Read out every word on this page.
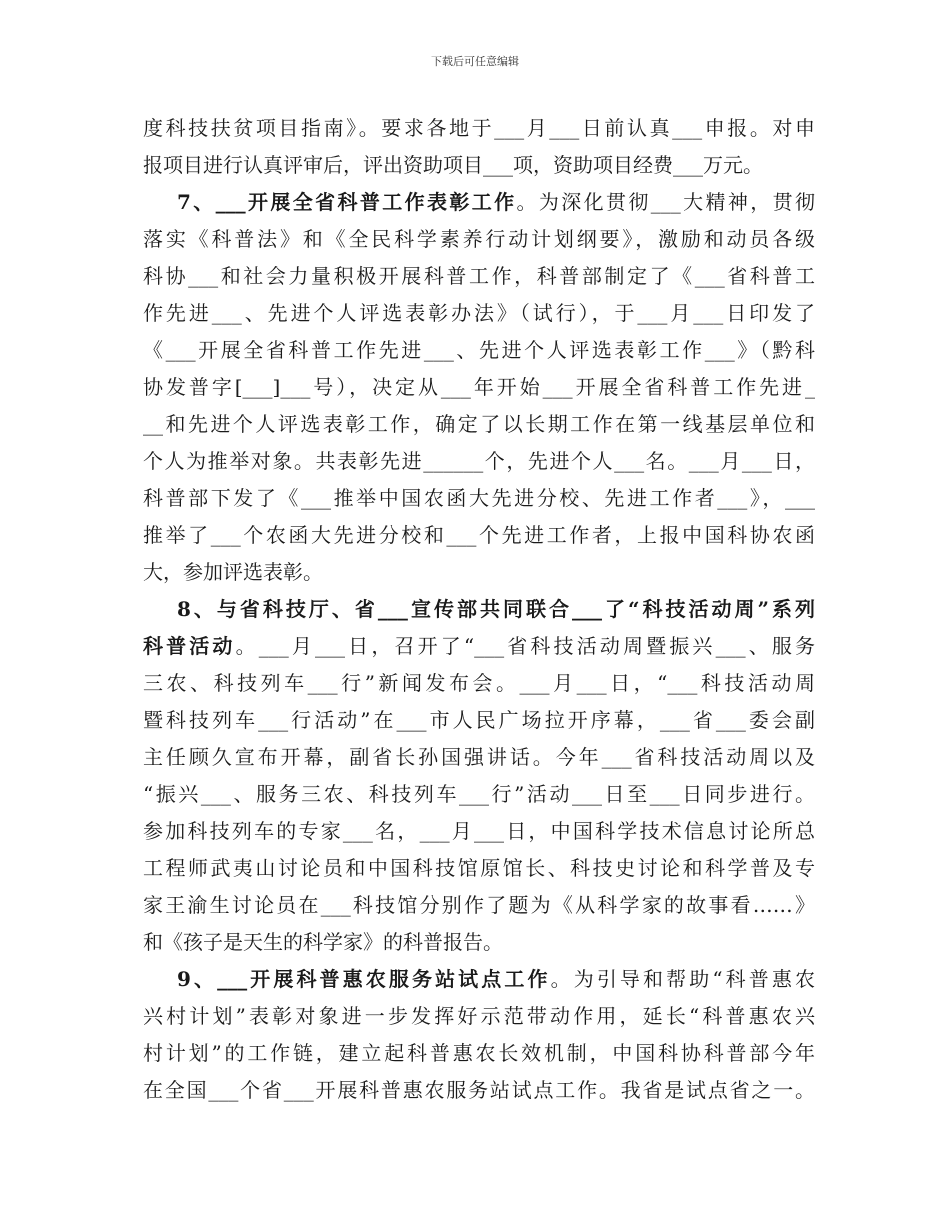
下载后可任意编辑
度科技扶贫项目指南》。要求各地于___月___日前认真___申报。对申
报项目进行认真评审后，评出资助项目___项，资助项目经费___万元。
7、___开展全省科普工作表彰工作。为深化贯彻___大精神，贯彻
落实《科普法》和《全民科学素养行动计划纲要》，激励和动员各级
科协___和社会力量积极开展科普工作，科普部制定了《___省科普工
作先进___、先进个人评选表彰办法》（试行），于___月___日印发了
《___开展全省科普工作先进___、先进个人评选表彰工作___》（黔科
协发普字[___]___号），决定从___年开始___开展全省科普工作先进_
__和先进个人评选表彰工作，确定了以长期工作在第一线基层单位和
个人为推举对象。共表彰先进______个，先进个人___名。___月___日，
科普部下发了《___推举中国农函大先进分校、先进工作者___》，___
推举了___个农函大先进分校和___个先进工作者，上报中国科协农函
大，参加评选表彰。
8、与省科技厅、省___宣传部共同联合___了“科技活动周”系列
科普活动。___月___日，召开了“___省科技活动周暨振兴___、服务
三农、科技列车___行”新闻发布会。___月___日，“___科技活动周
暨科技列车___行活动”在___市人民广场拉开序幕，___省___委会副
主任顾久宣布开幕，副省长孙国强讲话。今年___省科技活动周以及
“振兴___、服务三农、科技列车___行”活动___日至___日同步进行。
参加科技列车的专家___名，___月___日，中国科学技术信息讨论所总
工程师武夷山讨论员和中国科技馆原馆长、科技史讨论和科学普及专
家王渝生讨论员在___科技馆分别作了题为《从科学家的故事看……》
和《孩子是天生的科学家》的科普报告。
9、___开展科普惠农服务站试点工作。为引导和帮助“科普惠农
兴村计划”表彰对象进一步发挥好示范带动作用，延长“科普惠农兴
村计划”的工作链，建立起科普惠农长效机制，中国科协科普部今年
在全国___个省___开展科普惠农服务站试点工作。我省是试点省之一。
